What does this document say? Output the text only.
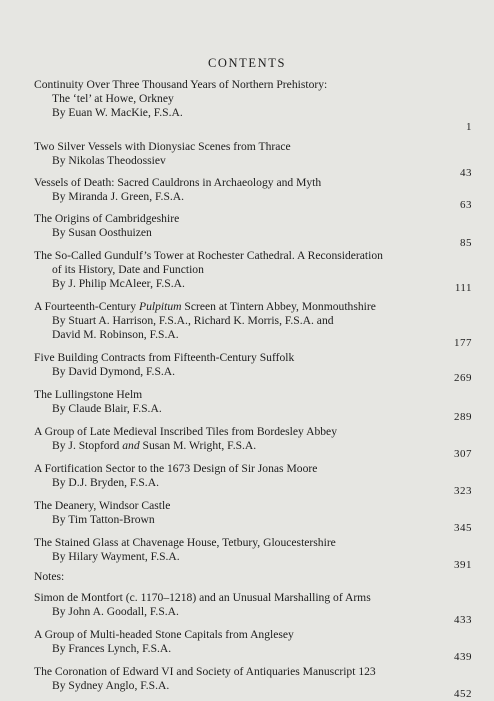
CONTENTS
Continuity Over Three Thousand Years of Northern Prehistory:
The ‘tel’ at Howe, Orkney
By Euan W. MacKie, F.S.A.
1
Two Silver Vessels with Dionysiac Scenes from Thrace
By Nikolas Theodossiev
43
Vessels of Death: Sacred Cauldrons in Archaeology and Myth
By Miranda J. Green, F.S.A.
63
The Origins of Cambridgeshire
By Susan Oosthuizen
85
The So-Called Gundulf’s Tower at Rochester Cathedral. A Reconsideration
of its History, Date and Function
By J. Philip McAleer, F.S.A.	111
A Fourteenth-Century Pulpitum Screen at Tintern Abbey, Monmouthshire
By Stuart A. Harrison, F.S.A., Richard K. Morris, F.S.A. and
David M. Robinson, F.S.A.
177
Five Building Contracts from Fifteenth-Century Suffolk
By David Dymond, F.S.A.	269
The Lullingstone Helm
By Claude Blair, F.S.A.
289
A Group of Late Medieval Inscribed Tiles from Bordesley Abbey
By J. Stopford and Susan M. Wright, F.S.A.
307
A Fortification Sector to the 1673 Design of Sir Jonas Moore
By D.J. Bryden, F.S.A.
323
The Deanery, Windsor Castle
By Tim Tatton-Brown
345
The Stained Glass at Chavenage House, Tetbury, Gloucestershire
By Hilary Wayment, F.S.A.
391
Notes:
Simon de Montfort (c. 1170–1218) and an Unusual Marshalling of Arms
By John A. Goodall, F.S.A.
433
A Group of Multi-headed Stone Capitals from Anglesey
By Frances Lynch, F.S.A.
439
The Coronation of Edward VI and Society of Antiquaries Manuscript 123
By Sydney Anglo, F.S.A.
452
